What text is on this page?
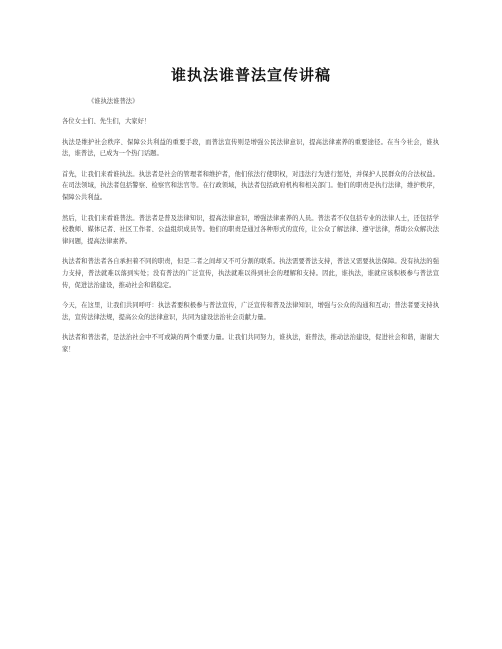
谁执法谁普法宣传讲稿

《谁执法谁普法》

各位女士们、先生们，大家好！

执法是维护社会秩序、保障公共利益的重要手段，而普法宣传则是增强公民法律意识，提高法律素养的重要途径。在当今社会，谁执法，谁普法，已成为一个热门话题。

首先，让我们来看谁执法。执法者是社会的管理者和维护者，他们依法行使职权，对违法行为进行惩处，并保护人民群众的合法权益。在司法领域，执法者包括警察、检察官和法官等。在行政领域，执法者包括政府机构和相关部门。他们的职责是执行法律，维护秩序，保障公共利益。

然后，让我们来看谁普法。普法者是普及法律知识，提高法律意识，增强法律素养的人员。普法者不仅包括专业的法律人士，还包括学校教师、媒体记者、社区工作者、公益组织成员等。他们的职责是通过各种形式的宣传，让公众了解法律、遵守法律，帮助公众解决法律问题，提高法律素养。

执法者和普法者各自承担着不同的职责，但是二者之间却又不可分割的联系。执法需要普法支持，普法又需要执法保障。没有执法的强力支持，普法就难以落到实处；没有普法的广泛宣传，执法就难以得到社会的理解和支持。因此，谁执法，谁就应该积极参与普法宣传，促进法治建设，推动社会和谐稳定。

今天，在这里，让我们共同呼吁：执法者要积极参与普法宣传，广泛宣传和普及法律知识，增强与公众的沟通和互动；普法者要支持执法，宣传法律法规，提高公众的法律意识，共同为建设法治社会贡献力量。

执法者和普法者，是法治社会中不可或缺的两个重要力量。让我们共同努力，谁执法，谁普法，推动法治建设，促进社会和谐，谢谢大家！
